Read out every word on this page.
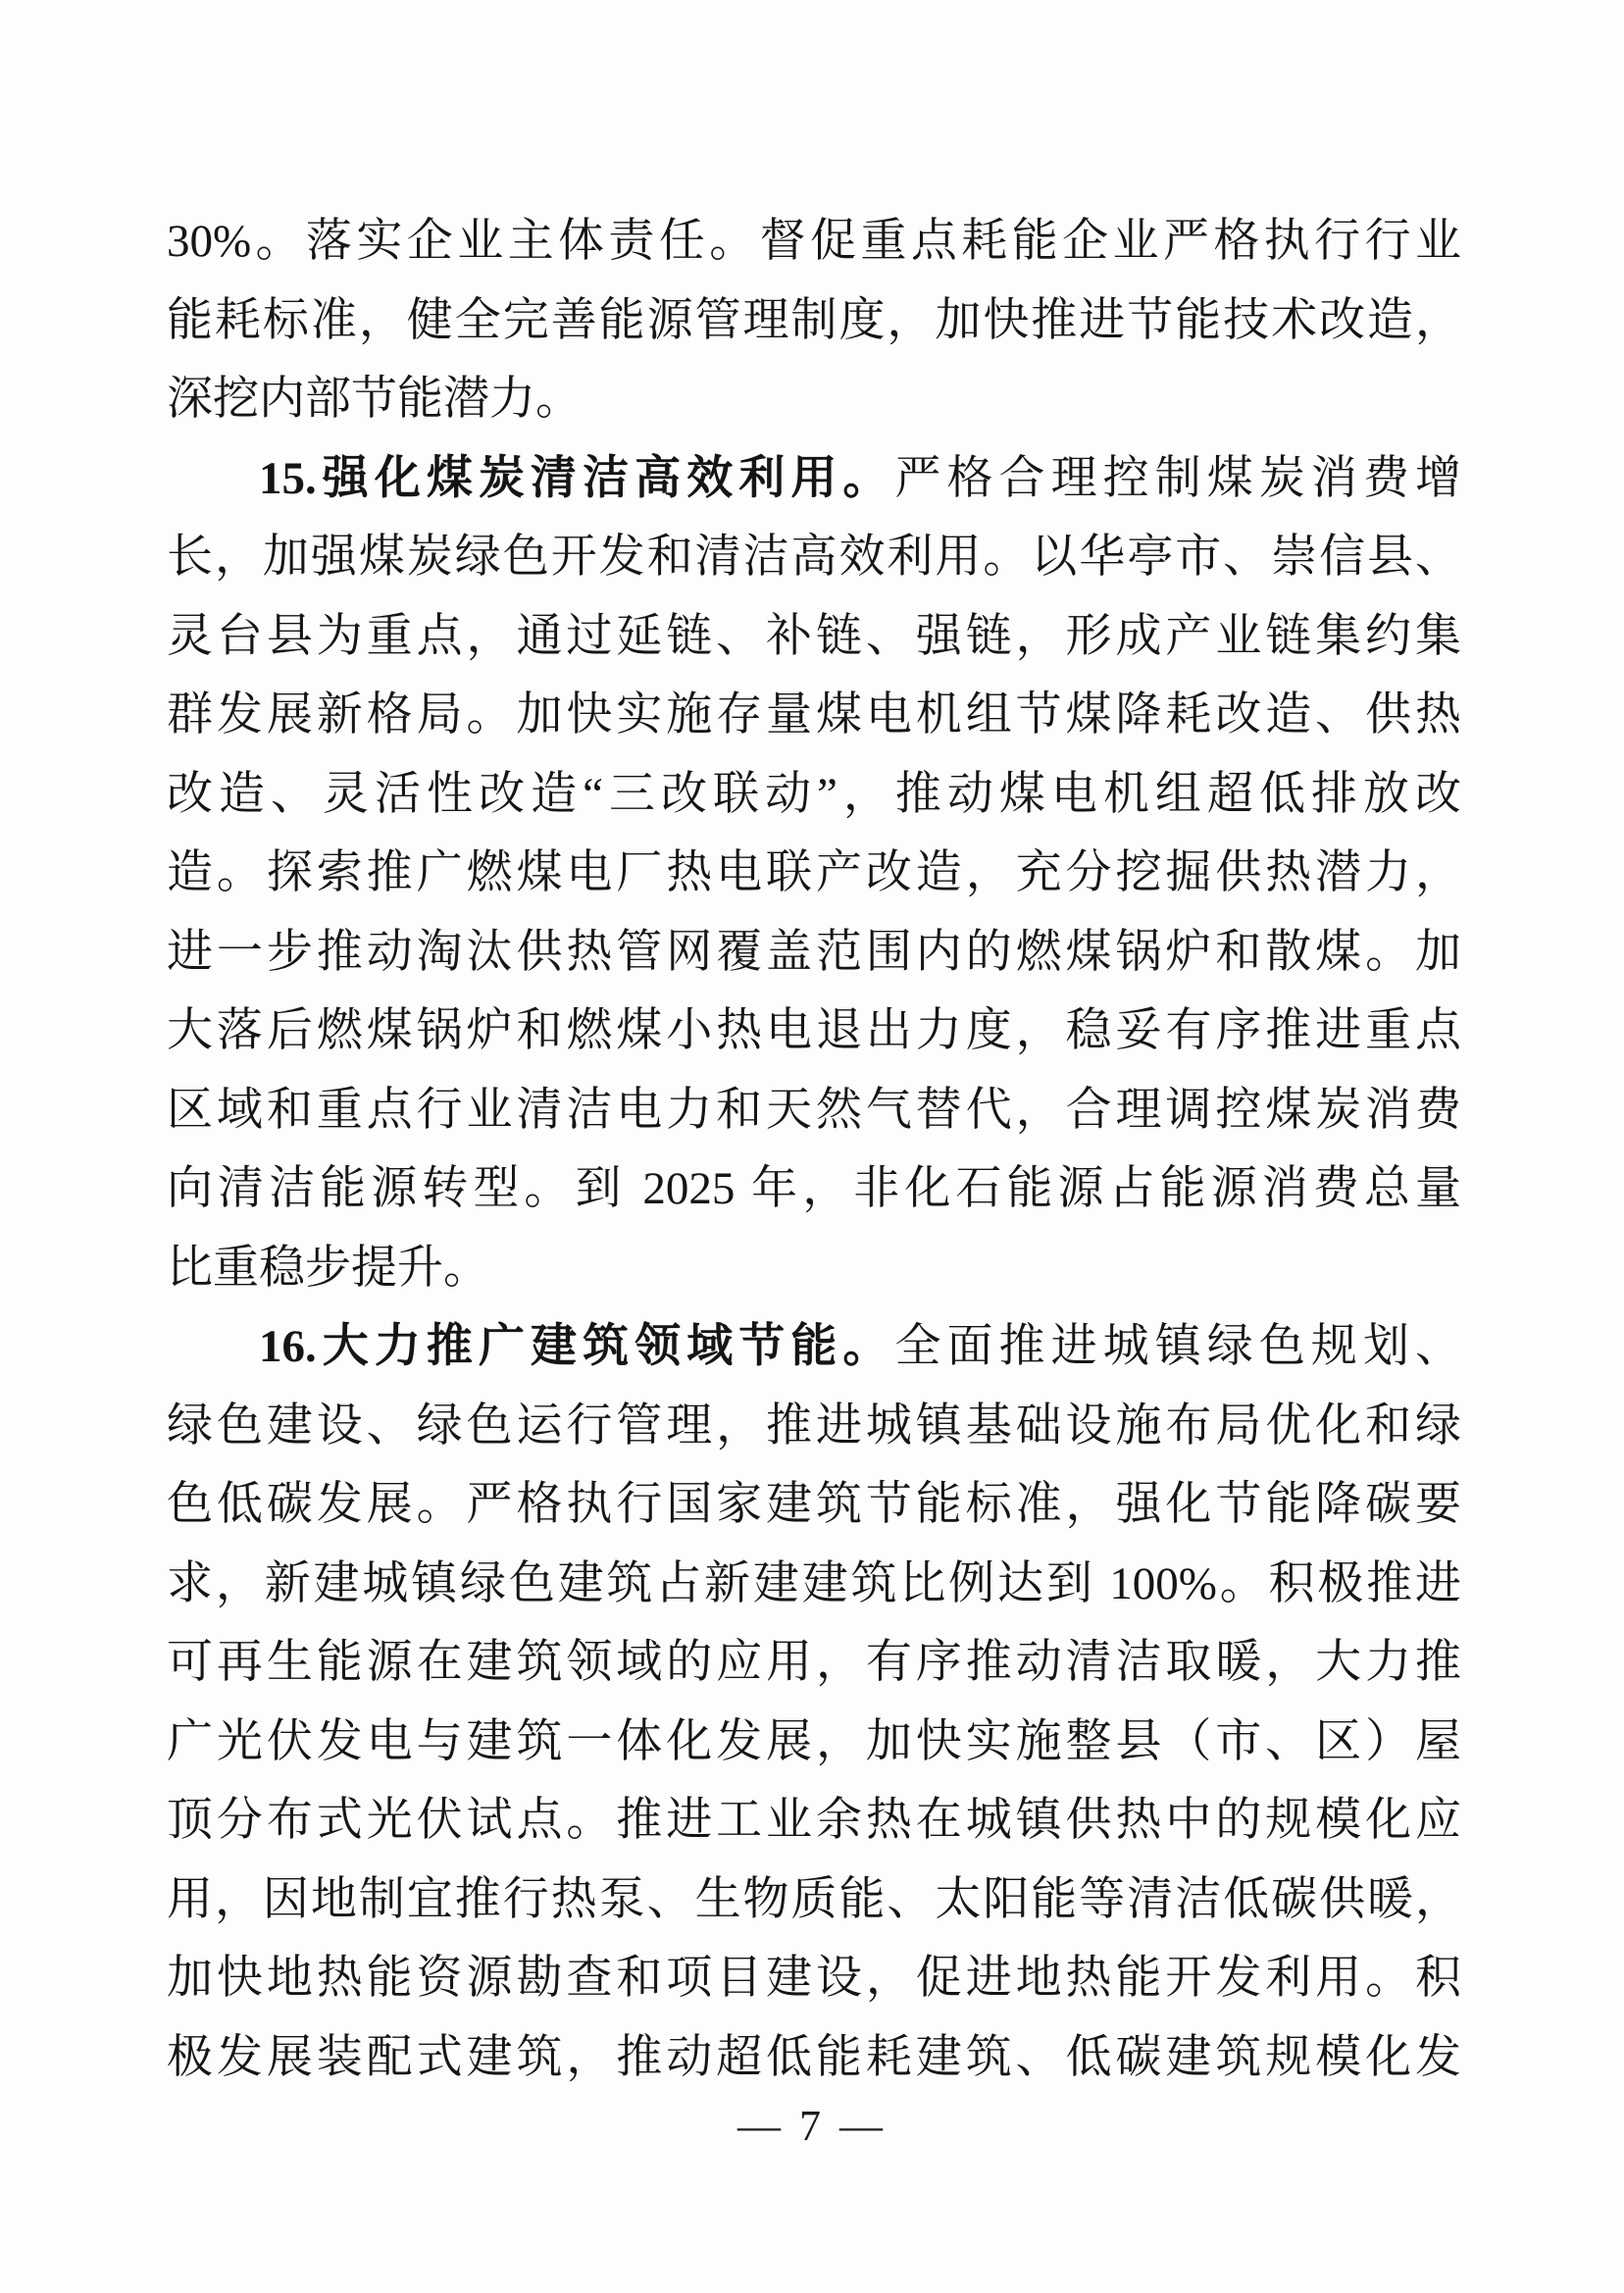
30%。落实企业主体责任。督促重点耗能企业严格执行行业
能耗标准，健全完善能源管理制度，加快推进节能技术改造，
深挖内部节能潜力。
15.强化煤炭清洁高效利用。严格合理控制煤炭消费增
长，加强煤炭绿色开发和清洁高效利用。以华亭市、崇信县、
灵台县为重点，通过延链、补链、强链，形成产业链集约集
群发展新格局。加快实施存量煤电机组节煤降耗改造、供热
改造、灵活性改造“三改联动”，推动煤电机组超低排放改
造。探索推广燃煤电厂热电联产改造，充分挖掘供热潜力，
进一步推动淘汰供热管网覆盖范围内的燃煤锅炉和散煤。加
大落后燃煤锅炉和燃煤小热电退出力度，稳妥有序推进重点
区域和重点行业清洁电力和天然气替代，合理调控煤炭消费
向清洁能源转型。到 2025 年，非化石能源占能源消费总量
比重稳步提升。
16.大力推广建筑领域节能。全面推进城镇绿色规划、
绿色建设、绿色运行管理，推进城镇基础设施布局优化和绿
色低碳发展。严格执行国家建筑节能标准，强化节能降碳要
求，新建城镇绿色建筑占新建建筑比例达到 100%。积极推进
可再生能源在建筑领域的应用，有序推动清洁取暖，大力推
广光伏发电与建筑一体化发展，加快实施整县（市、区）屋
顶分布式光伏试点。推进工业余热在城镇供热中的规模化应
用，因地制宜推行热泵、生物质能、太阳能等清洁低碳供暖，
加快地热能资源勘查和项目建设，促进地热能开发利用。积
极发展装配式建筑，推动超低能耗建筑、低碳建筑规模化发
— 7 —
